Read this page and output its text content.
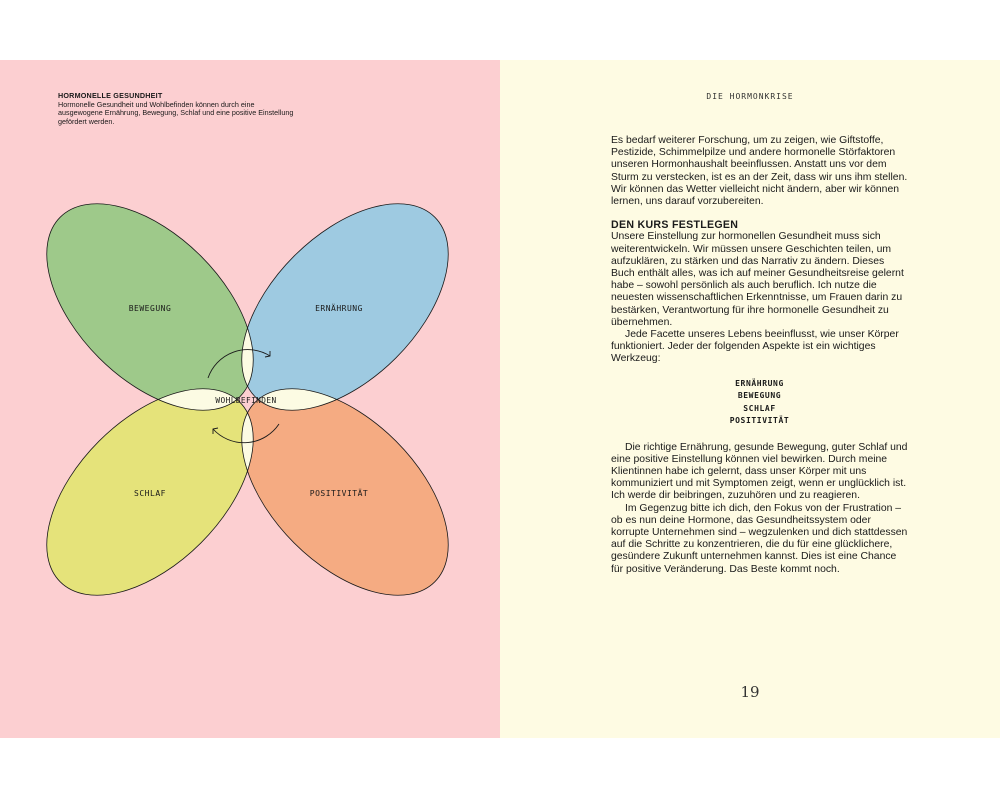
HORMONELLE GESUNDHEIT
Hormonelle Gesundheit und Wohlbefinden können durch eine ausgewogene Ernährung, Bewegung, Schlaf und eine positive Einstellung gefördert werden.
BEWEGUNG	ERNÄHRUNG
SCHLAF	POSITIVITÄT
WOHLBEFINDEN
DIE HORMONKRISE

Es bedarf weiterer Forschung, um zu zeigen, wie Giftstoffe, Pestizide, Schimmelpilze und andere hormonelle Störfaktoren unseren Hormonhaushalt beeinflussen. Anstatt uns vor dem Sturm zu verstecken, ist es an der Zeit, dass wir uns ihm stellen. Wir können das Wetter vielleicht nicht ändern, aber wir können lernen, uns darauf vorzubereiten.

DEN KURS FESTLEGEN

Unsere Einstellung zur hormonellen Gesundheit muss sich weiterentwickeln. Wir müssen unsere Geschichten teilen, um aufzuklären, zu stärken und das Narrativ zu ändern. Dieses Buch enthält alles, was ich auf meiner Gesundheitsreise gelernt habe – sowohl persönlich als auch beruflich. Ich nutze die neuesten wissenschaftlichen Erkenntnisse, um Frauen darin zu bestärken, Verantwortung für ihre hormonelle Gesundheit zu übernehmen.

Jede Facette unseres Lebens beeinflusst, wie unser Körper funktioniert. Jeder der folgenden Aspekte ist ein wichtiges Werkzeug:

ERNÄHRUNG
BEWEGUNG
SCHLAF
POSITIVITÄT

Die richtige Ernährung, gesunde Bewegung, guter Schlaf und eine positive Einstellung können viel bewirken. Durch meine Klientinnen habe ich gelernt, dass unser Körper mit uns kommuniziert und mit Symptomen zeigt, wenn er unglücklich ist. Ich werde dir beibringen, zuzuhören und zu reagieren.

Im Gegenzug bitte ich dich, den Fokus von der Frustration – ob es nun deine Hormone, das Gesundheitssystem oder korrupte Unternehmen sind – wegzulenken und dich stattdessen auf die Schritte zu konzentrieren, die du für eine glücklichere, gesündere Zukunft unternehmen kannst. Dies ist eine Chance für positive Veränderung. Das Beste kommt noch.

19
